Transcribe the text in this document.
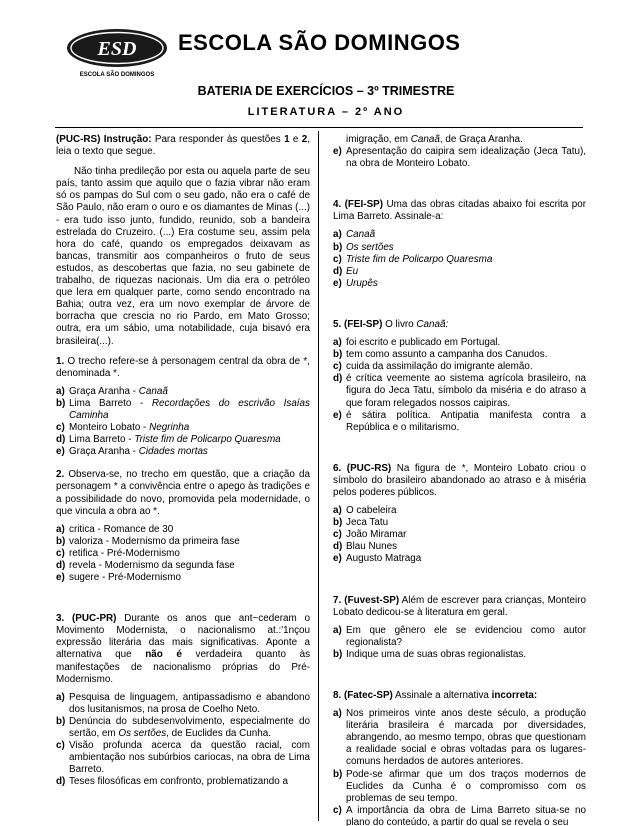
ESD
ESCOLA SÃO DOMINGOS
ESCOLA SÃO DOMINGOS
BATERIA DE EXERCÍCIOS – 3º TRIMESTRE
LITERATURA – 2º ANO
(PUC-RS) Instrução: Para responder às questões 1 e 2, leia o texto que segue.
Não tinha predileção por esta ou aquela parte de seu país, tanto assim que aquilo que o fazia vibrar não eram só os pampas do Sul com o seu gado, não era o café de São Paulo, não eram o ouro e os diamantes de Minas (...) - era tudo isso junto, fundido, reunido, sob a bandeira estrelada do Cruzeiro. (...) Era costume seu, assim pela hora do café, quando os empregados deixavam as bancas, transmitir aos companheiros o fruto de seus estudos, as descobertas que fazia, no seu gabinete de trabalho, de riquezas nacionais. Um dia era o petróleo que lera em qualquer parte, como sendo encontrado na Bahia; outra vez, era um novo exemplar de árvore de borracha que crescia no rio Pardo, em Mato Grosso; outra, era um sábio, uma notabilidade, cuja bisavó era brasileira(...).
1. O trecho refere-se à personagem central da obra de *, denominada *.
a) Graça Aranha - Canaã
b) Lima Barreto - Recordações do escrivão Isaías Caminha
c) Monteiro Lobato - Negrinha
d) Lima Barreto - Triste fim de Policarpo Quaresma
e) Graça Aranha - Cidades mortas
2. Observa-se, no trecho em questão, que a criação da personagem * a convivência entre o apego às tradições e a possibilidade do novo, promovida pela modernidade, o que vincula a obra ao *.
a) critica - Romance de 30
b) valoriza - Modernismo da primeira fase
c) retifica - Pré-Modernismo
d) revela - Modernismo da segunda fase
e) sugere - Pré-Modernismo
3. (PUC-PR) Durante os anos que ant~cederam o Movimento Modernista, o nacionalismo at.:'1nçou expressão literária das mais significativas. Aponte a alternativa que não é verdadeira quanto às manifestações de nacionalismo próprias do Pré-Modernismo.
a) Pesquisa de linguagem, antipassadismo e abandono dos lusitanismos, na prosa de Coelho Neto.
b) Denúncia do subdesenvolvimento, especialmente do sertão, em Os sertões, de Euclides da Cunha.
c) Visão profunda acerca da questão racial, com ambientação nos subúrbios cariocas, na obra de Lima Barreto.
d) Teses filosóficas em confronto, problematizando a
imigração, em Canaã, de Graça Aranha.
e) Apresentação do caipira sem idealização (Jeca Tatu), na obra de Monteiro Lobato.
4. (FEI-SP) Uma das obras citadas abaixo foi escrita por Lima Barreto. Assinale-a:
a) Canaã
b) Os sertões
c) Triste fim de Policarpo Quaresma
d) Eu
e) Urupês
5. (FEI-SP) O livro Canaã:
a) foi escrito e publicado em Portugal.
b) tem como assunto a campanha dos Canudos.
c) cuida da assimilação do imigrante alemão.
d) é crítica veemente ao sistema agrícola brasileiro, na figura do Jeca Tatu, símbolo da miséria e do atraso a que foram relegados nossos caipiras.
e) é sátira política. Antipatia manifesta contra a República e o militarismo.
6. (PUC-RS) Na figura de *, Monteiro Lobato criou o símbolo do brasileiro abandonado ao atraso e à miséria pelos poderes públicos.
a) O cabeleira
b) Jeca Tatu
c) João Miramar
d) Blau Nunes
e) Augusto Matraga
7. (Fuvest-SP) Além de escrever para crianças, Monteiro Lobato dedicou-se à literatura em geral.
a) Em que gênero ele se evidenciou como autor regionalista?
b) Indique uma de suas obras regionalistas.
8. (Fatec-SP) Assinale a alternativa incorreta:
a) Nos primeiros vinte anos deste século, a produção literária brasileira é marcada por diversidades, abrangendo, ao mesmo tempo, obras que questionam a realidade social e obras voltadas para os lugares-comuns herdados de autores anteriores.
b) Pode-se afirmar que um dos traços modernos de Euclides da Cunha é o compromisso com os problemas de seu tempo.
c) A importância da obra de Lima Barreto situa-se no plano do conteúdo, a partir do qual se revela o seu
